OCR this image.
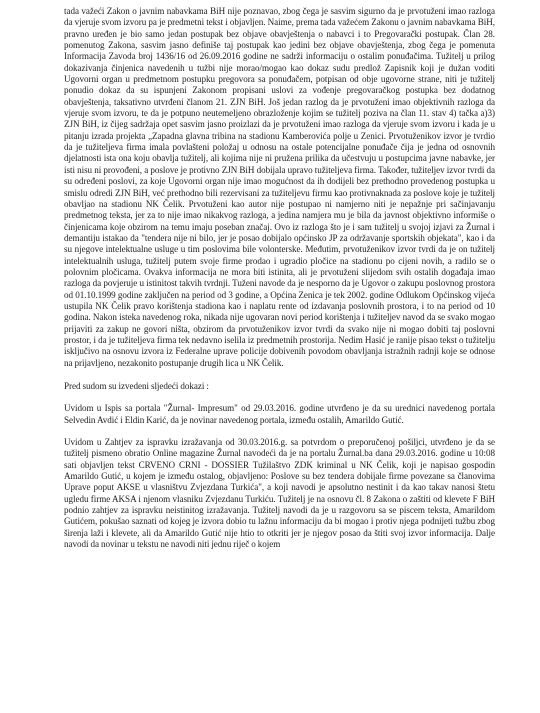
tada važeći Zakon o javnim nabavkama BiH nije poznavao, zbog čega je sasvim sigurno da je prvotuženi imao razloga da vjeruje svom izvoru pa je predmetni tekst i objavljen. Naime, prema tada važećem Zakonu o javnim nabavkama BiH, pravno uređen je bio samo jedan postupak bez objave obavještenja o nabavci i to Pregovarački postupak. Član 28. pomenutog Zakona, sasvim jasno definiše taj postupak kao jedini bez objave obavještenja, zbog čega je pomenuta Informacija Zavoda broj 1436/16 od 26.09.2016 godine ne sadrži informaciju o ostalim ponuđačima. Tužitelj u prilog dokazivanja činjenica navedenih u tužbi nije morao/mogao kao dokaz sudu predlož Zapisnik koji je dužan voditi Ugovorni organ u predmetnom postupku pregovora sa ponuđačem, potpisan od obje ugovorne strane, niti je tužitelj ponudio dokaz da su ispunjeni Zakonom propisani uslovi za vođenje pregovaračkog postupka bez dodatnog obavještenja, taksativno utvrđeni članom 21. ZJN BiH. Još jedan razlog da je prvotuženi imao objektivnih razloga da vjeruje svom izvoru, te da je potpuno neutemeljeno obrazloženje kojim se tužitelj poziva na član 11. stav 4) tačka a)3) ZJN BiH, iz čijeg sadržaja opet sasvim jasno proizlazi da je prvotuženi imao razloga da vjeruje svom izvoru i kada je u pitanju izrada projekta „Zapadna glavna tribina na stadionu Kamberovića polje u Zenici. Prvotuženikov izvor je tvrdio da je tužiteljeva firma imala povlašteni položaj u odnosu na ostale potencijalne ponuđače čija je jedna od osnovnih djelatnosti ista ona koju obavlja tužitelj, ali kojima nije ni pružena prilika da učestvuju u postupcima javne nabavke, jer isti nisu ni provođeni, a poslove je protivno ZJN BiH dobijala upravo tužiteljeva firma. Također, tužiteljev izvor tvrdi da su određeni poslovi, za koje Ugovorni organ nije imao mogućnost da ih dodijeli bez prethodno provedenog postupka u smislu odredi ZJN BiH, već prethodno bili rezervisani za tužiteljevu firmu kao protivnaknada za poslove koje je tužitelj obavljao na stadionu NK Čelik. Prvotuženi kao autor nije postupao ni namjerno niti je nepažnje pri sačinjavanju predmetnog teksta, jer za to nije imao nikakvog razloga, a jedina namjera mu je bila da javnost objektivno informiše o činjenicama koje obzirom na temu imaju poseban značaj. Ovo iz razloga što je i sam tužitelj u svojoj izjavi za Žurnal i demantiju istakao da "tendera nije ni bilo, jer je posao dobijalo općinsko JP za održavanje sportskih objekata", kao i da su njegove intelektualne usluge u tim poslovima bile volonterske. Međutim, prvotuženikov izvor tvrdi da je on tužitelj intelektualnih usluga, tužitelj putem svoje firme prodao i ugradio pločice na stadionu po cijeni novih, a radilo se o polovnim pločicama. Ovakva informacija ne mora biti istinita, ali je prvotuženi slijedom svih ostalih događaja imao razloga da povjeruje u istinitost takvih tvrdnji. Tuženi navode da je nesporno da je Ugovor o zakupu poslovnog prostora od 01.10.1999 godine zaključen na period od 3 godine, a Općina Zenica je tek 2002. godine Odlukom Općinskog vijeća ustupila NK Čelik pravo korištenja stadiona kao i naplatu rente od izdavanja poslovnih prostora, i to na period od 10 godina. Nakon isteka navedenog roka, nikada nije ugovaran novi period korištenja i tužiteljev navod da se svako mogao prijaviti za zakup ne govori ništa, obzirom da prvotuženikov izvor tvrdi da svako nije ni mogao dobiti taj poslovni prostor, i da je tužiteljeva firma tek nedavno iselila iz predmetnih prostorija. Nedim Hasić je ranije pisao tekst o tužitelju isključivo na osnovu izvora iz Federalne uprave policije dobivenih povodom obavljanja istražnih radnji koje se odnose na prijavljeno, nezakonito postupanje drugih lica u NK Čelik.

Pred sudom su izvedeni sljedeći dokazi :

Uvidom u Ispis sa portala "Žurnal- Impresum" od 29.03.2016. godine utvrđeno je da su urednici navedenog portala Selvedin Avdić i Eldin Karić, da je novinar navedenog portala, između ostalih, Amarildo Gutić.

Uvidom u Zahtjev za ispravku izražavanja od 30.03.2016.g. sa potvrdom o preporučenoj pošiljci, utvrđeno je da se tužitelj pismeno obratio Online magazine Žurnal navodeći da je na portalu Žurnal.ba dana 29.03.2016. godine u 10:08 sati objavljen tekst CRVENO CRNI - DOSSIER Tužilaštvo ZDK kriminal u NK Čelik, koji je napisao gospodin Amarildo Gutić, u kojem je između ostalog, objavljeno: Poslove su bez tendera dobijale firme povezane sa članovima Uprave poput AKSE u vlasništvu Zvjezdana Turkića", a koji navodi je apsolutno nestinit i da kao takav nanosi štetu ugledu firme AKSA i njenom vlasniku Zvjezdanu Turkiću. Tužitelj je na osnovu čl. 8 Zakona o zaštiti od klevete F BiH podnio zahtjev za ispravku neistinitog izražavanja. Tužitelj navodi da je u razgovoru sa se piscem teksta, Amarildom Gutićem, pokušao saznati od kojeg je izvora dobio tu lažnu informaciju da bi mogao i protiv njega podnijeti tužbu zbog širenja laži i klevete, ali da Amarildo Gutić nije htio to otkriti jer je njegov posao da štiti svoj izvor informacija. Dalje navodi da novinar u tekstu ne navodi niti jednu riječ o kojem
